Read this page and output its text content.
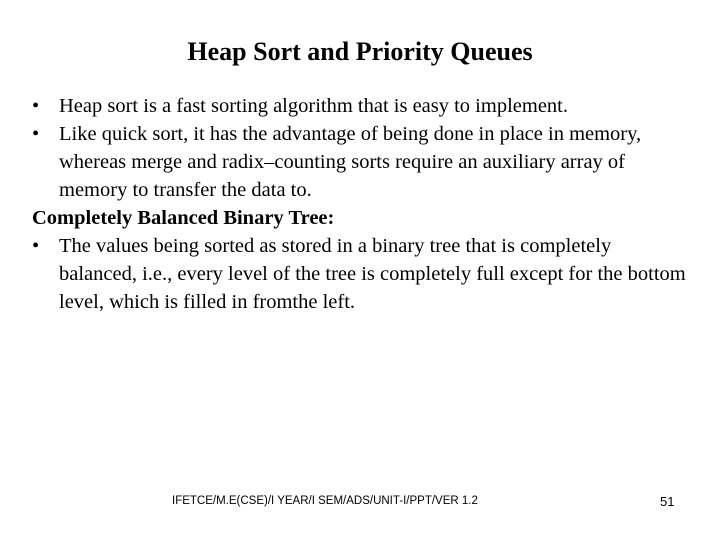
Heap Sort and Priority Queues
• Heap sort is a fast sorting algorithm that is easy to implement.
• Like quick sort, it has the advantage of being done in place in memory, whereas merge and radix–counting sorts require an auxiliary array of memory to transfer the data to.
Completely Balanced Binary Tree:
• The values being sorted as stored in a binary tree that is completely balanced, i.e., every level of the tree is completely full except for the bottom level, which is filled in fromthe left.
IFETCE/M.E(CSE)/I YEAR/I SEM/ADS/UNIT-I/PPT/VER 1.2	51
